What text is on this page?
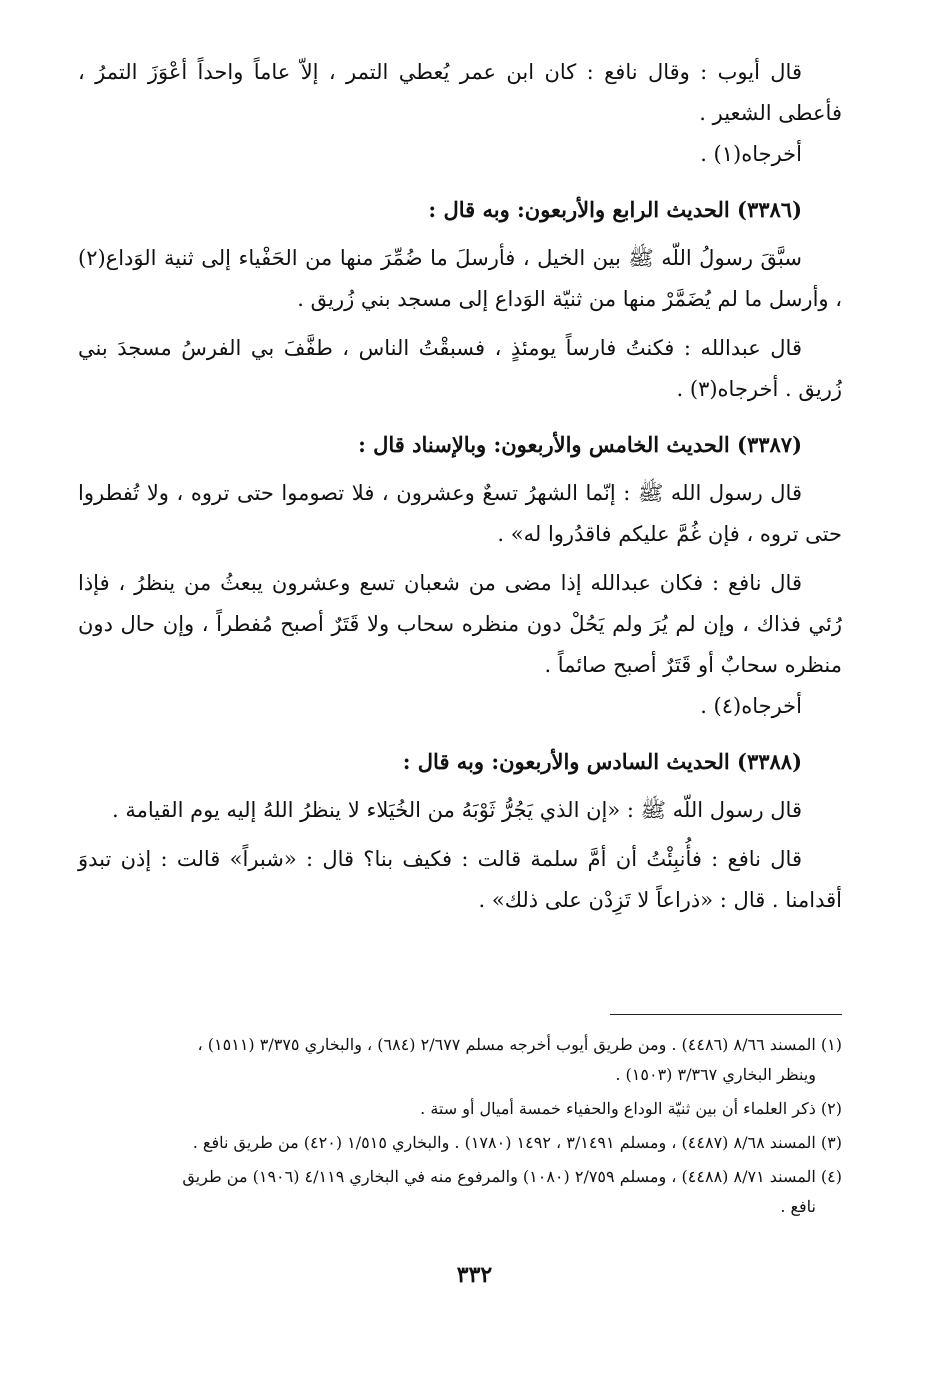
قال أيوب : وقال نافع : كان ابن عمر يُعطي التمر ، إلاّ عاماً واحداً أعْوَزَ التمرُ ، فأعطى الشعير .

أخرجاه(١) .

(٣٣٨٦) الحديث الرابع والأربعون: وبه قال :

سبَّقَ رسولُ اللّه ﷺ بين الخيل ، فأرسلَ ما ضُمِّرَ منها من الحَفْياء إلى ثنية الوَداع(٢) ، وأرسل ما لم يُضَمَّرْ منها من ثنيّة الوَداع إلى مسجد بني زُريق .

قال عبدالله : فكنتُ فارساً يومئذٍ ، فسبقْتُ الناس ، طفَّفَ بي الفرسُ مسجدَ بني زُريق . أخرجاه(٣) .

(٣٣٨٧) الحديث الخامس والأربعون: وبالإسناد قال :

قال رسول الله ﷺ : إنّما الشهرُ تسعٌ وعشرون ، فلا تصوموا حتى تروه ، ولا تُفطروا حتى تروه ، فإن غُمَّ عليكم فاقدُروا له» .

قال نافع : فكان عبدالله إذا مضى من شعبان تسع وعشرون يبعثُ من ينظرُ ، فإذا رُئي فذاك ، وإن لم يُرَ ولم يَحُلْ دون منظره سحاب ولا قَتَرٌ أصبح مُفطراً ، وإن حال دون منظره سحابٌ أو قَتَرٌ أصبح صائماً .

أخرجاه(٤) .

(٣٣٨٨) الحديث السادس والأربعون: وبه قال :

قال رسول اللّه ﷺ : «إن الذي يَجُرُّ ثَوْبَهُ من الخُيَلاء لا ينظرُ اللهُ إليه يوم القيامة .

قال نافع : فأُنبِئْتُ أن أمَّ سلمة قالت : فكيف بنا؟ قال : «شبراً» قالت : إذن تبدوَ أقدامنا . قال : «ذراعاً لا تَزِدْن على ذلك» .

(١) المسند ٨/٦٦ (٤٤٨٦) . ومن طريق أيوب أخرجه مسلم ٢/٦٧٧ (٦٨٤) ، والبخاري ٣/٣٧٥ (١٥١١) ،
وينظر البخاري ٣/٣٦٧ (١٥٠٣) .

(٢) ذكر العلماء أن بين ثنيّة الوداع والحفياء خمسة أميال أو ستة .

(٣) المسند ٨/٦٨ (٤٤٨٧) ، ومسلم ٣/١٤٩١ ، ١٤٩٢ (١٧٨٠) . والبخاري ١/٥١٥ (٤٢٠) من طريق نافع .

(٤) المسند ٨/٧١ (٤٤٨٨) ، ومسلم ٢/٧٥٩ (١٠٨٠) والمرفوع منه في البخاري ٤/١١٩ (١٩٠٦) من طريق
نافع .

٣٣٢
